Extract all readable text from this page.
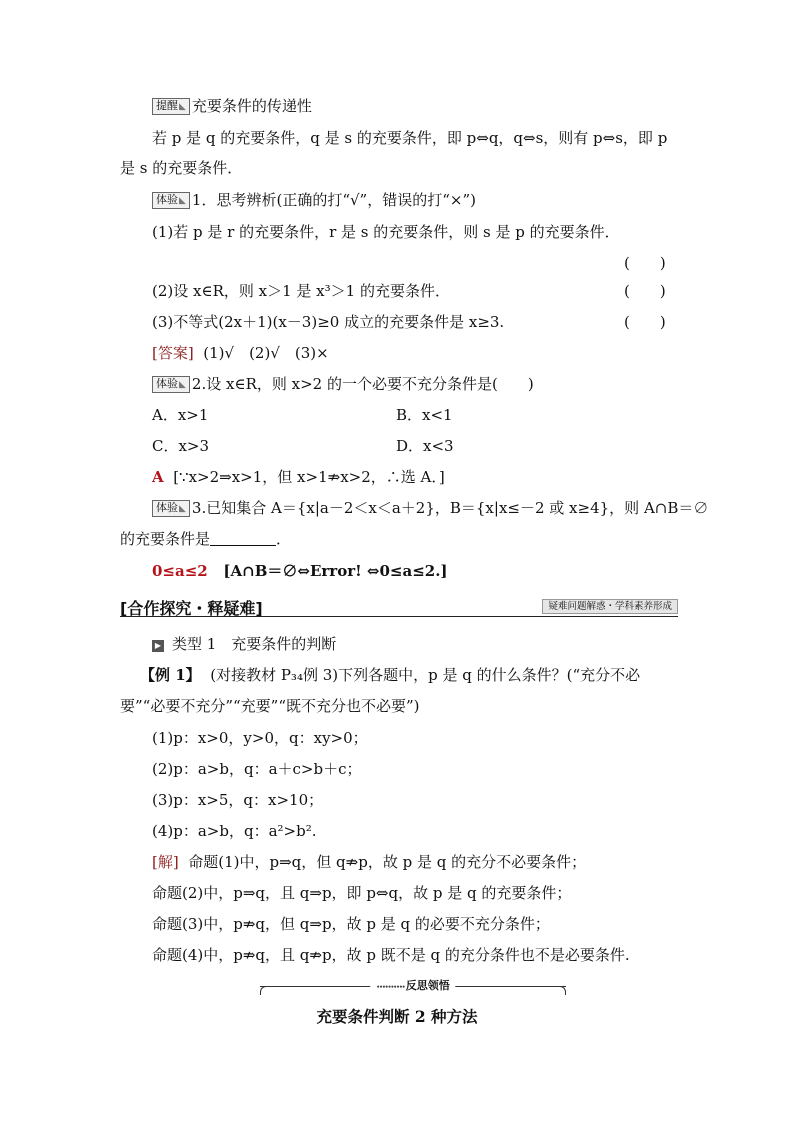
提醒 ◣ 充要条件的传递性
若 p 是 q 的充要条件，q 是 s 的充要条件，即 p⇔q，q⇔s，则有 p⇔s，即 p
是 s 的充要条件．
体验 ◣ 1．思考辨析(正确的打“√”，错误的打“×”)
(1)若 p 是 r 的充要条件，r 是 s 的充要条件，则 s 是 p 的充要条件．
(　　)
(2)设 x∈R，则 x＞1 是 x³＞1 的充要条件．	(　　)
(3)不等式(2x＋1)(x－3)≥0 成立的充要条件是 x≥3.	(　　)
[答案] (1)√　(2)√　(3)×
体验 ◣ 2.设 x∈R，则 x>2 的一个必要不充分条件是(　　)
A．x>1	B．x<1
C．x>3	D．x<3
A [∵x>2⇒x>1，但 x>1⇏x>2，∴选 A．]
体验 ◣ 3.已知集合 A＝{x|a－2＜x＜a＋2}，B＝{x|x≤－2 或 x≥4}，则 A∩B＝∅
的充要条件是	．
0≤a≤2 [A∩B＝∅⇔Error! ⇔0≤a≤2.]
[合作探究・释疑难]	疑难问题解惑・学科素养形成
▶ 类型 1　充要条件的判断
【例 1】 (对接教材 P₃₄例 3)下列各题中，p 是 q 的什么条件？(“充分不必
要”“必要不充分”“充要”“既不充分也不必要”)
(1)p：x>0，y>0，q：xy>0；
(2)p：a>b，q：a＋c>b＋c；
(3)p：x>5，q：x>10；
(4)p：a>b，q：a²>b².
[解] 命题(1)中，p⇒q，但 q⇏p，故 p 是 q 的充分不必要条件；
命题(2)中，p⇒q，且 q⇒p，即 p⇔q，故 p 是 q 的充要条件；
命题(3)中，p⇏q，但 q⇒p，故 p 是 q 的必要不充分条件；
命题(4)中，p⇏q，且 q⇏p，故 p 既不是 q 的充分条件也不是必要条件.
••••• 反思领悟
充要条件判断 2 种方法
